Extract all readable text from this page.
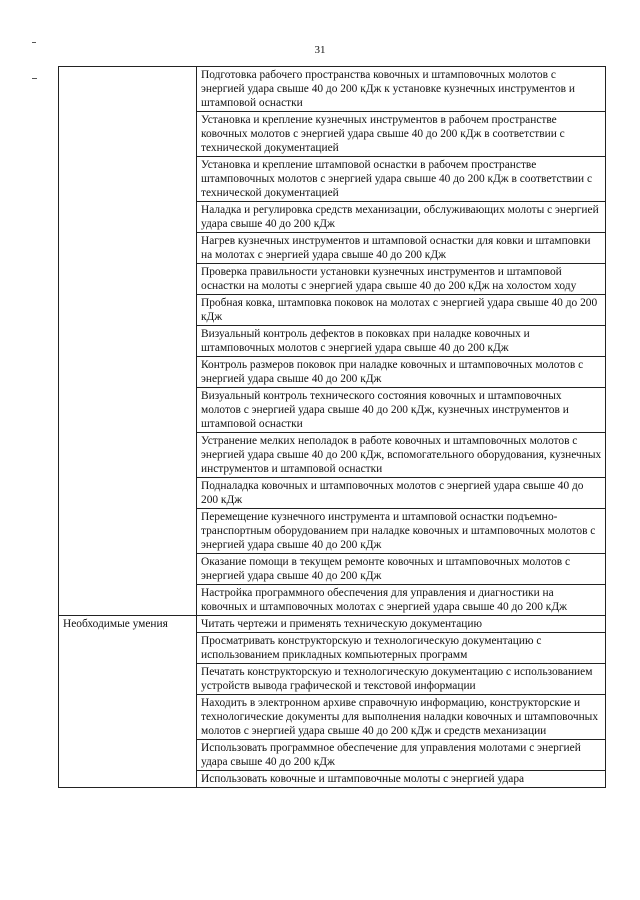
31
	Подготовка рабочего пространства ковочных и штамповочных молотов с энергией удара свыше 40 до 200 кДж к установке кузнечных инструментов и штамповой оснастки
	Установка и крепление кузнечных инструментов в рабочем пространстве ковочных молотов с энергией удара свыше 40 до 200 кДж в соответствии с технической документацией
	Установка и крепление штамповой оснастки в рабочем пространстве штамповочных молотов с энергией удара свыше 40 до 200 кДж в соответствии с технической документацией
	Наладка и регулировка средств механизации, обслуживающих молоты с энергией удара свыше 40 до 200 кДж
	Нагрев кузнечных инструментов и штамповой оснастки для ковки и штамповки на молотах с энергией удара свыше 40 до 200 кДж
	Проверка правильности установки кузнечных инструментов и штамповой оснастки на молоты с энергией удара свыше 40 до 200 кДж на холостом ходу
	Пробная ковка, штамповка поковок на молотах с энергией удара свыше 40 до 200 кДж
	Визуальный контроль дефектов в поковках при наладке ковочных и штамповочных молотов с энергией удара свыше 40 до 200 кДж
	Контроль размеров поковок при наладке ковочных и штамповочных молотов с энергией удара свыше 40 до 200 кДж
	Визуальный контроль технического состояния ковочных и штамповочных молотов с энергией удара свыше 40 до 200 кДж, кузнечных инструментов и штамповой оснастки
	Устранение мелких неполадок в работе ковочных и штамповочных молотов с энергией удара свыше 40 до 200 кДж, вспомогательного оборудования, кузнечных инструментов и штамповой оснастки
	Подналадка ковочных и штамповочных молотов с энергией удара свыше 40 до 200 кДж
	Перемещение кузнечного инструмента и штамповой оснастки подъемно-транспортным оборудованием при наладке ковочных и штамповочных молотов с энергией удара свыше 40 до 200 кДж
	Оказание помощи в текущем ремонте ковочных и штамповочных молотов с энергией удара свыше 40 до 200 кДж
	Настройка программного обеспечения для управления и диагностики на ковочных и штамповочных молотах с энергией удара свыше 40 до 200 кДж
Необходимые умения	Читать чертежи и применять техническую документацию
	Просматривать конструкторскую и технологическую документацию с использованием прикладных компьютерных программ
	Печатать конструкторскую и технологическую документацию с использованием устройств вывода графической и текстовой информации
	Находить в электронном архиве справочную информацию, конструкторские и технологические документы для выполнения наладки ковочных и штамповочных молотов с энергией удара свыше 40 до 200 кДж и средств механизации
	Использовать программное обеспечение для управления молотами с энергией удара свыше 40 до 200 кДж
	Использовать ковочные и штамповочные молоты с энергией удара
